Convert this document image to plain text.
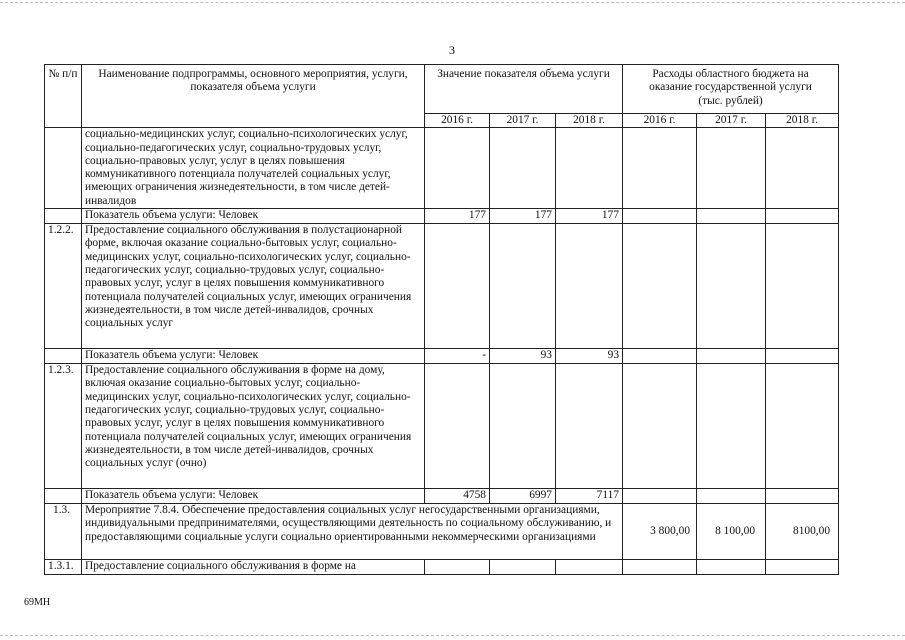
3
№ п/п	Наименование подпрограммы, основного мероприятия, услуги, показателя объема услуги	Значение показателя объема услуги			Расходы областного бюджета на оказание государственной услуги (тыс. рублей)		
		2016 г.	2017 г.	2018 г.	2016 г.	2017 г.	2018 г.
	социально-медицинских услуг, социально-психологических услуг, социально-педагогических услуг, социально-трудовых услуг, социально-правовых услуг, услуг в целях повышения коммуникативного потенциала получателей социальных услуг, имеющих ограничения жизнедеятельности, в том числе детей-инвалидов						
	Показатель объема услуги: Человек	177	177	177			
1.2.2.	Предоставление социального обслуживания в полустационарной форме, включая оказание социально-бытовых услуг, социально-медицинских услуг, социально-психологических услуг, социально-педагогических услуг, социально-трудовых услуг, социально-правовых услуг, услуг в целях повышения коммуникативного потенциала получателей социальных услуг, имеющих ограничения жизнедеятельности, в том числе детей-инвалидов, срочных социальных услуг						
	Показатель объема услуги: Человек	-	93	93			
1.2.3.	Предоставление социального обслуживания в форме на дому, включая оказание социально-бытовых услуг, социально-медицинских услуг, социально-психологических услуг, социально-педагогических услуг, социально-трудовых услуг, социально-правовых услуг, услуг в целях повышения коммуникативного потенциала получателей социальных услуг, имеющих ограничения жизнедеятельности, в том числе детей-инвалидов, срочных социальных услуг (очно)						
	Показатель объема услуги: Человек	4758	6997	7117			
1.3.	Мероприятие 7.8.4. Обеспечение предоставления социальных услуг негосударственными организациями, индивидуальными предпринимателями, осуществляющими деятельность по социальному обслуживанию, и предоставляющими социальные услуги социально ориентированными некоммерческими организациями				3 800,00	8 100,00	8100,00
1.3.1.	Предоставление социального обслуживания в форме на						
69МН
